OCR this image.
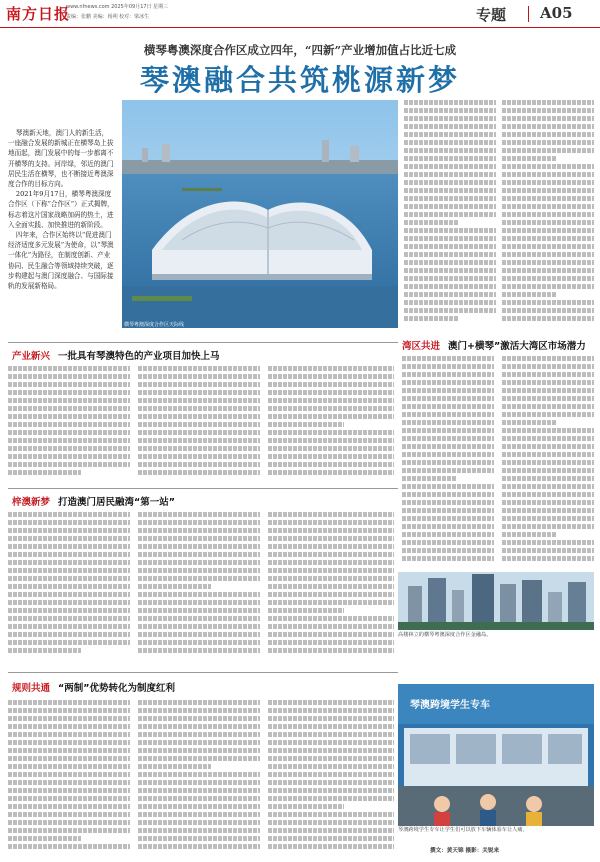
南方日报
www.nfnews.com 2025年09月17日 星期三
责编：张鹏 美编：杨朔 校对：梁冰生	专题 A05
横琴粤澳深度合作区成立四年，“四新”产业增加值占比近七成
琴澳融合共筑桃源新梦

琴澳新天地，澳门人的新生活，一座融合发展的新城正在横琴岛上拔地而起，澳门发展中的每一步都离不开横琴的支持。河岸绿，邻近的澳门居民生活在横琴，也不断接近粤澳深度合作的目标方向。

2021年9月17日，横琴粤澳深度合作区（下称“合作区”）正式揭牌，标志着这片国家战略加码的热土，进入全面实践、加快推进的新阶段。

四年来，合作区始终以“促进澳门经济适度多元发展”为使命，以“琴澳一体化”为路径，在制度创新、产业协同、民生融合等领域持续突破，逐步构建起与澳门深度融合、与国际接轨的发展新格局。

横琴粤澳深度合作区天际线
产业新兴 一批具有琴澳特色的产业项目加快上马
湾区共进 澳门+横琴”激活大湾区市场潜力
梓澳新梦 打造澳门居民融湾“第一站”
规则共通 “两制”优势转化为制度红利
高楼林立的横琴粤澳深度合作区金融岛。
琴澳跨境学生专车
琴澳跨境学生专车让学生们可以放下车辆体验车让人痛。
撰文：黄天锦 摄影：关锐来
